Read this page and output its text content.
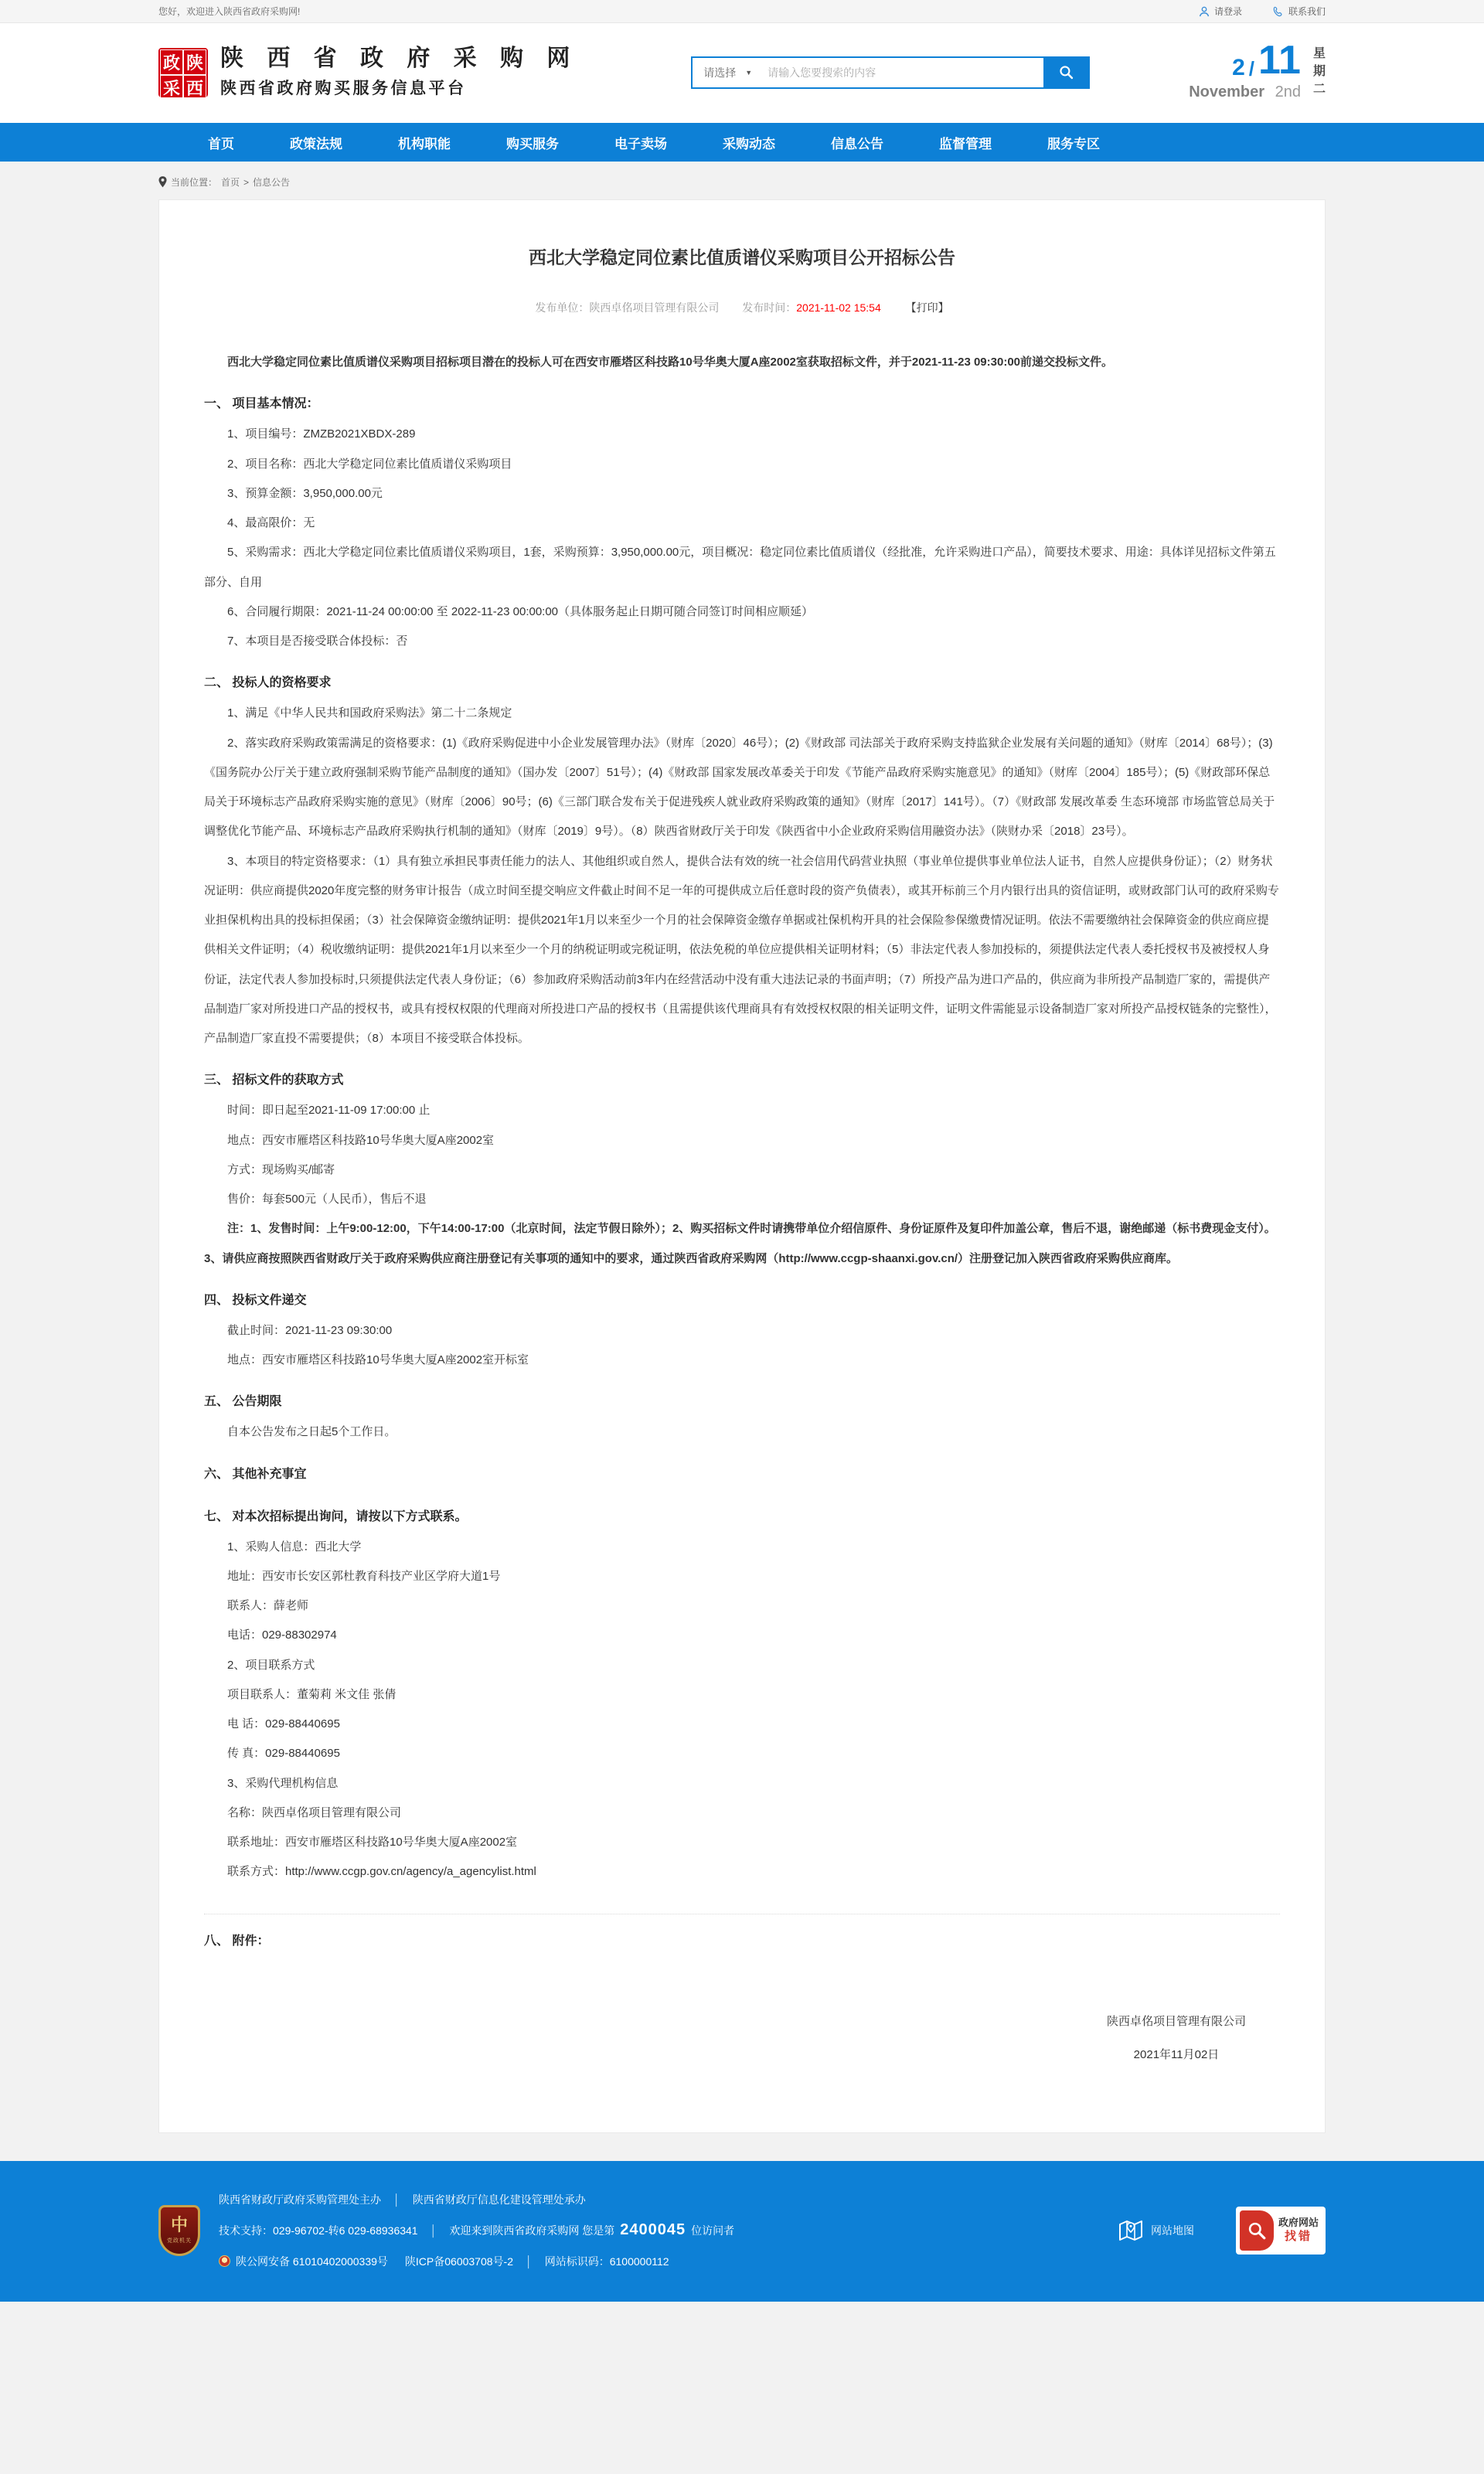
您好，欢迎进入陕西省政府采购网!	请登录	联系我们
政 陕
采 西
陕 西 省 政 府 采 购 网
陕西省政府购买服务信息平台
请选择 ▼
请输入您要搜索的内容	2 / 11
November 2nd
星
期
二
首页	政策法规	机构职能	购买服务	电子卖场	采购动态	信息公告	监督管理	服务专区
当前位置： 首页 > 信息公告
西北大学稳定同位素比值质谱仪采购项目公开招标公告
发布单位：陕西卓佲项目管理有限公司 发布时间：2021-11-02 15:54 【打印】

西北大学稳定同位素比值质谱仪采购项目招标项目潜在的投标人可在西安市雁塔区科技路10号华奥大厦A座2002室获取招标文件，并于2021-11-23 09:30:00前递交投标文件。

一、 项目基本情况：

1、项目编号：ZMZB2021XBDX-289

2、项目名称：西北大学稳定同位素比值质谱仪采购项目

3、预算金额：3,950,000.00元

4、最高限价：无

5、采购需求：西北大学稳定同位素比值质谱仪采购项目，1套，采购预算：3,950,000.00元，项目概况：稳定同位素比值质谱仪（经批准，允许采购进口产品），简要技术要求、用途：具体详见招标文件第五部分、自用

6、合同履行期限：2021-11-24 00:00:00 至 2022-11-23 00:00:00（具体服务起止日期可随合同签订时间相应顺延）

7、本项目是否接受联合体投标：否

二、 投标人的资格要求

1、满足《中华人民共和国政府采购法》第二十二条规定

2、落实政府采购政策需满足的资格要求：(1)《政府采购促进中小企业发展管理办法》（财库〔2020〕46号）；(2)《财政部 司法部关于政府采购支持监狱企业发展有关问题的通知》（财库〔2014〕68号）；(3)《国务院办公厅关于建立政府强制采购节能产品制度的通知》（国办发〔2007〕51号）；(4)《财政部 国家发展改革委关于印发《节能产品政府采购实施意见》的通知》（财库〔2004〕185号）；(5)《财政部环保总局关于环境标志产品政府采购实施的意见》（财库〔2006〕90号；(6)《三部门联合发布关于促进残疾人就业政府采购政策的通知》（财库〔2017〕141号）。（7）《财政部 发展改革委 生态环境部 市场监管总局关于调整优化节能产品、环境标志产品政府采购执行机制的通知》（财库〔2019〕9号）。（8）陕西省财政厅关于印发《陕西省中小企业政府采购信用融资办法》（陕财办采〔2018〕23号）。

3、本项目的特定资格要求：（1）具有独立承担民事责任能力的法人、其他组织或自然人，提供合法有效的统一社会信用代码营业执照（事业单位提供事业单位法人证书，自然人应提供身份证）；（2）财务状况证明：供应商提供2020年度完整的财务审计报告（成立时间至提交响应文件截止时间不足一年的可提供成立后任意时段的资产负债表），或其开标前三个月内银行出具的资信证明，或财政部门认可的政府采购专业担保机构出具的投标担保函；（3）社会保障资金缴纳证明：提供2021年1月以来至少一个月的社会保障资金缴存单据或社保机构开具的社会保险参保缴费情况证明。依法不需要缴纳社会保障资金的供应商应提供相关文件证明；（4）税收缴纳证明：提供2021年1月以来至少一个月的纳税证明或完税证明，依法免税的单位应提供相关证明材料；（5）非法定代表人参加投标的，须提供法定代表人委托授权书及被授权人身份证，法定代表人参加投标时,只须提供法定代表人身份证；（6）参加政府采购活动前3年内在经营活动中没有重大违法记录的书面声明；（7）所投产品为进口产品的，供应商为非所投产品制造厂家的，需提供产品制造厂家对所投进口产品的授权书，或具有授权权限的代理商对所投进口产品的授权书（且需提供该代理商具有有效授权权限的相关证明文件，证明文件需能显示设备制造厂家对所投产品授权链条的完整性），产品制造厂家直投不需要提供；（8）本项目不接受联合体投标。

三、 招标文件的获取方式

时间：即日起至2021-11-09 17:00:00 止

地点：西安市雁塔区科技路10号华奥大厦A座2002室

方式：现场购买/邮寄

售价：每套500元（人民币），售后不退

注：1、发售时间：上午9:00-12:00，下午14:00-17:00（北京时间，法定节假日除外）；2、购买招标文件时请携带单位介绍信原件、身份证原件及复印件加盖公章，售后不退，谢绝邮递（标书费现金支付）。3、请供应商按照陕西省财政厅关于政府采购供应商注册登记有关事项的通知中的要求，通过陕西省政府采购网（http://www.ccgp-shaanxi.gov.cn/）注册登记加入陕西省政府采购供应商库。

四、 投标文件递交

截止时间：2021-11-23 09:30:00

地点：西安市雁塔区科技路10号华奥大厦A座2002室开标室

五、 公告期限

自本公告发布之日起5个工作日。

六、 其他补充事宜
七、 对本次招标提出询问，请按以下方式联系。

1、采购人信息：西北大学

地址：西安市长安区郭杜教育科技产业区学府大道1号

联系人：薛老师

电话：029-88302974

2、项目联系方式

项目联系人：董菊莉 米文佳 张倩

电 话：029-88440695

传 真：029-88440695

3、采购代理机构信息

名称：陕西卓佲项目管理有限公司

联系地址：西安市雁塔区科技路10号华奥大厦A座2002室

联系方式：http://www.ccgp.gov.cn/agency/a_agencylist.html

八、 附件：
陕西卓佲项目管理有限公司
2021年11月02日
中
党政机关
陕西省财政厅政府采购管理处主办 │ 陕西省财政厅信息化建设管理处承办
技术支持：029-96702-转6 029-68936341 │ 欢迎来到陕西省政府采购网 您是第 2400045 位访问者
陕公网安备 61010402000339号 陕ICP备06003708号-2 │ 网站标识码：6100000112
网站地图
政府网站
找错
